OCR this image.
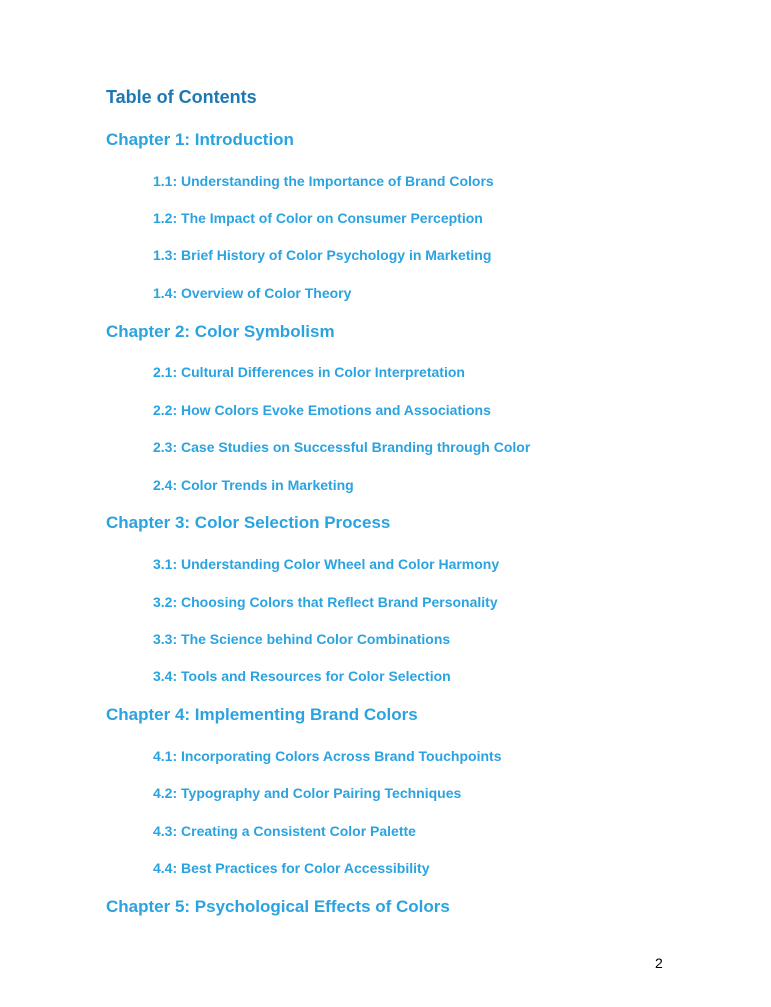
Table of Contents
Chapter 1: Introduction

1.1: Understanding the Importance of Brand Colors

1.2: The Impact of Color on Consumer Perception

1.3: Brief History of Color Psychology in Marketing

1.4: Overview of Color Theory

Chapter 2: Color Symbolism

2.1: Cultural Differences in Color Interpretation

2.2: How Colors Evoke Emotions and Associations

2.3: Case Studies on Successful Branding through Color

2.4: Color Trends in Marketing

Chapter 3: Color Selection Process

3.1: Understanding Color Wheel and Color Harmony

3.2: Choosing Colors that Reflect Brand Personality

3.3: The Science behind Color Combinations

3.4: Tools and Resources for Color Selection

Chapter 4: Implementing Brand Colors

4.1: Incorporating Colors Across Brand Touchpoints

4.2: Typography and Color Pairing Techniques

4.3: Creating a Consistent Color Palette

4.4: Best Practices for Color Accessibility

Chapter 5: Psychological Effects of Colors

2
